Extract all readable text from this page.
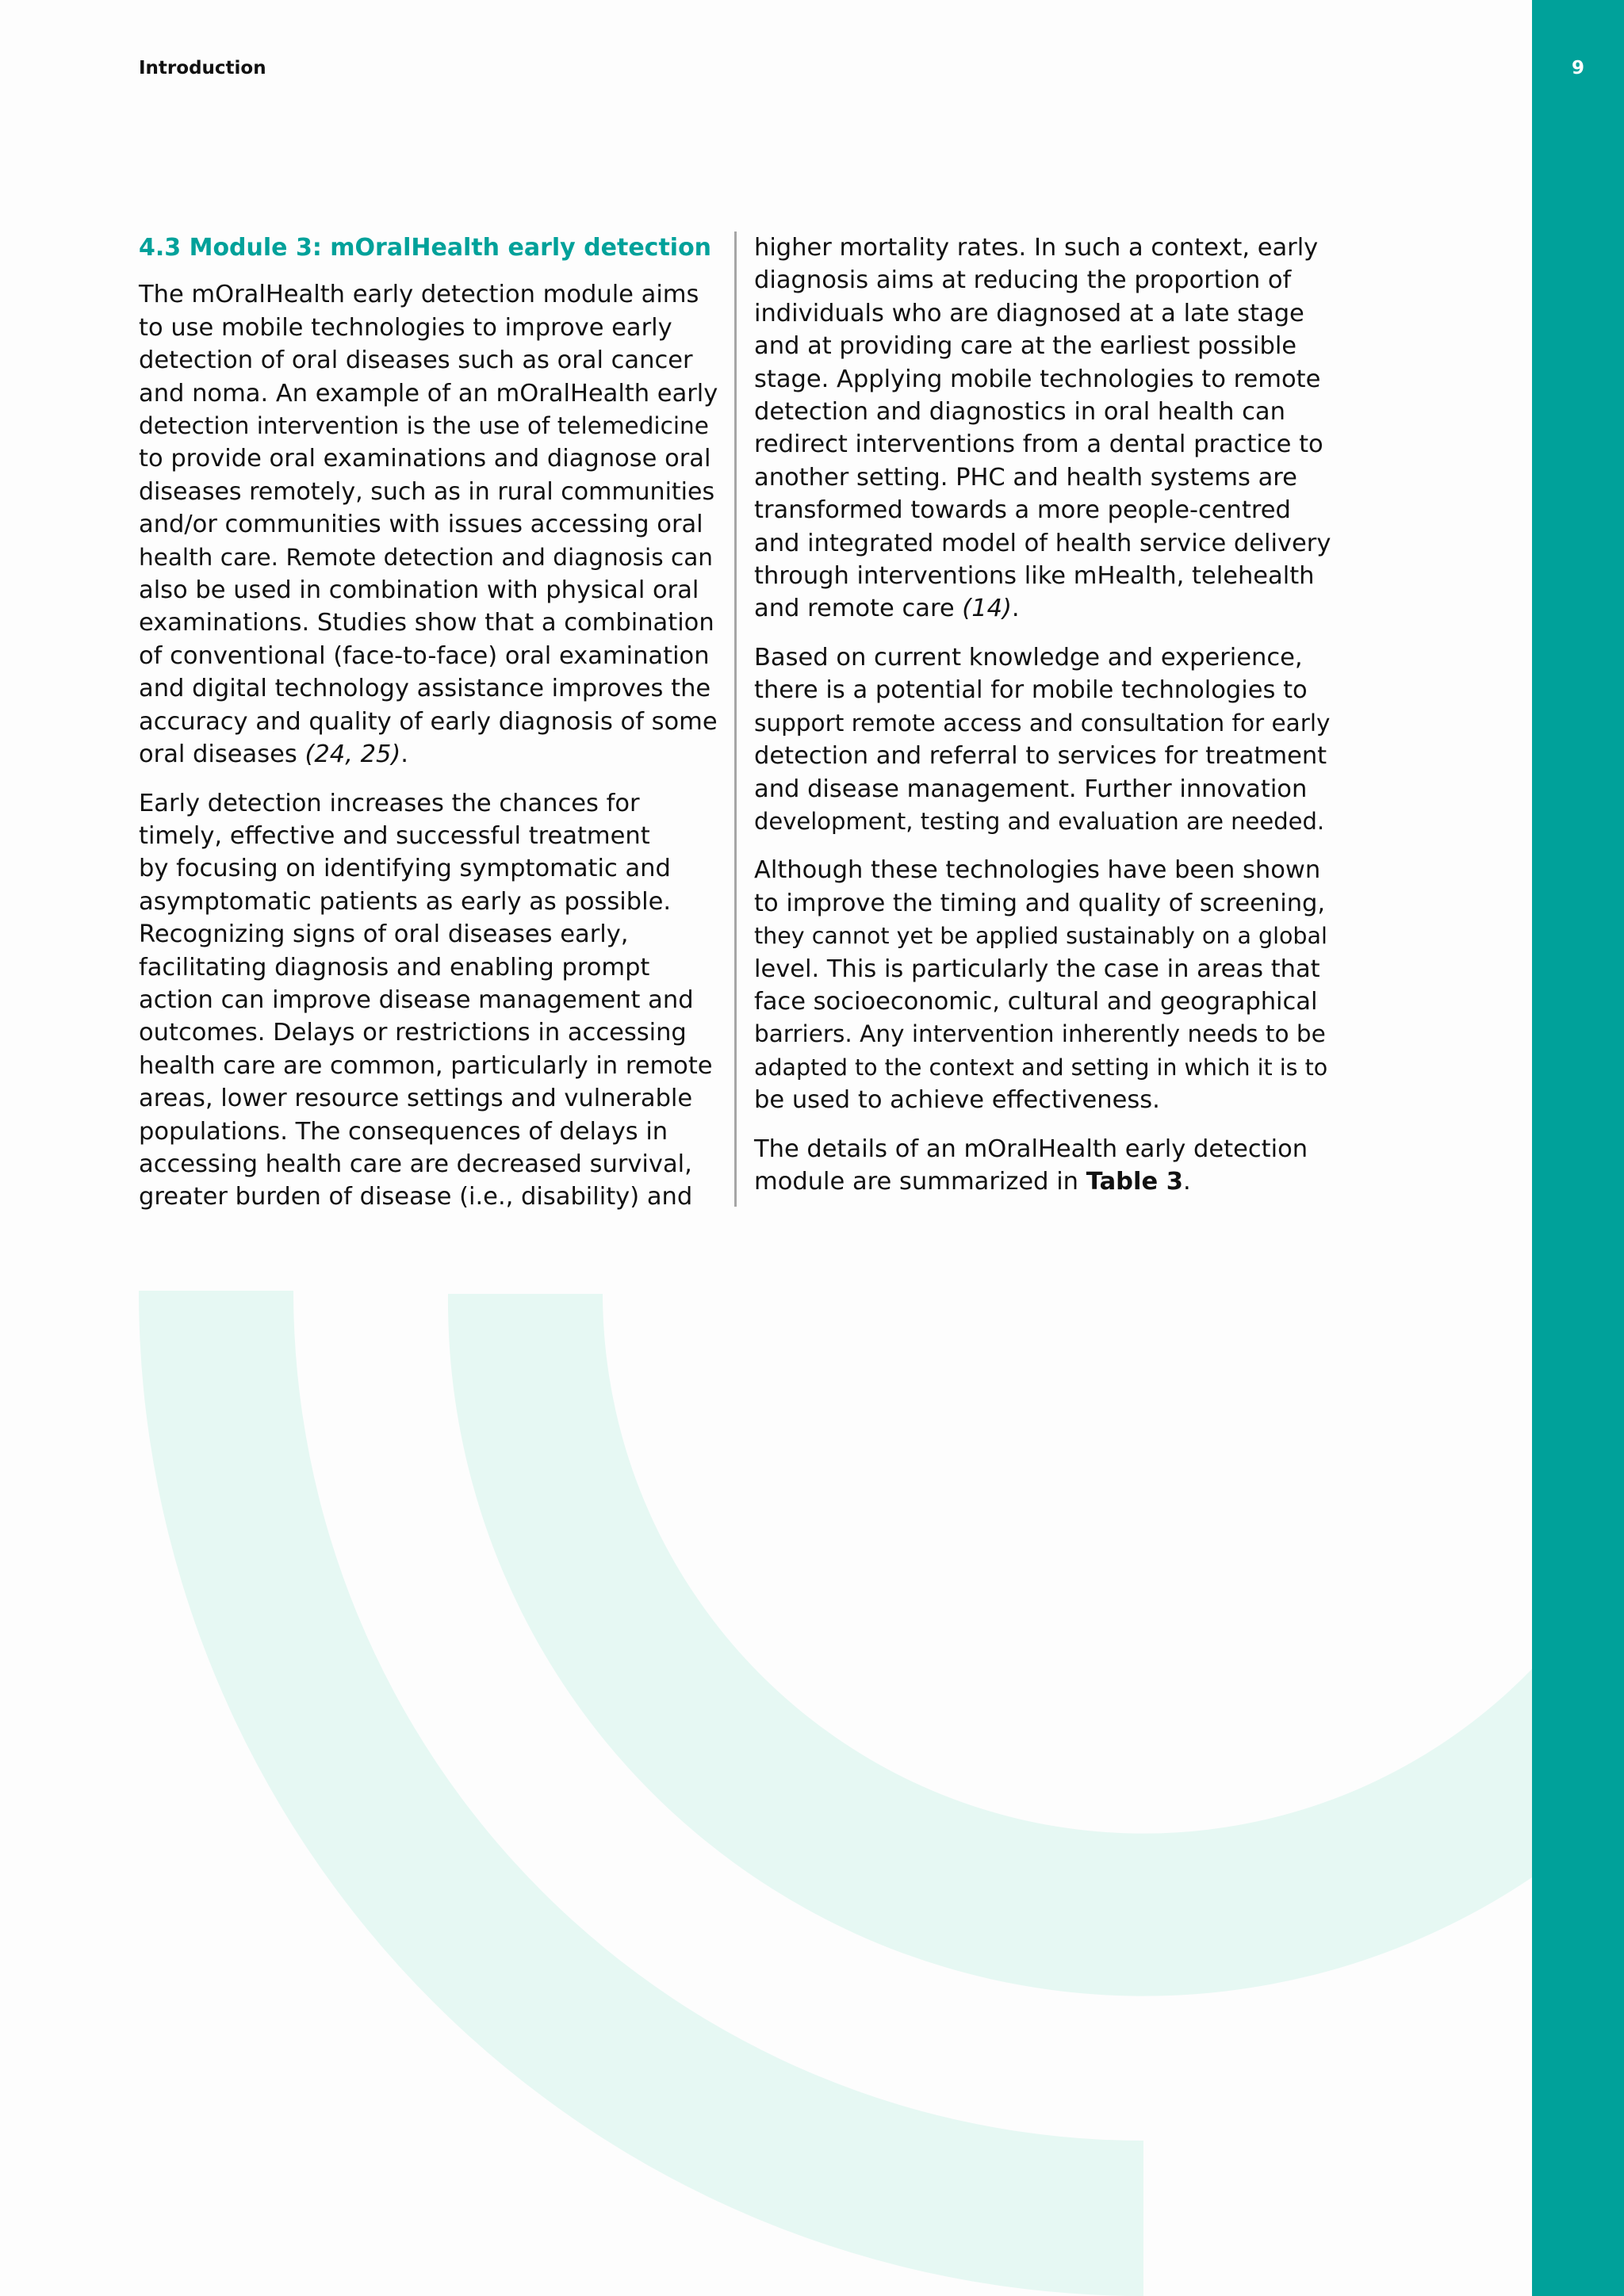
9
Introduction
4.3 Module 3: mOralHealth early detection

The mOralHealth early detection module aims
to use mobile technologies to improve early
detection of oral diseases such as oral cancer
and noma. An example of an mOralHealth early
detection intervention is the use of telemedicine
to provide oral examinations and diagnose oral
diseases remotely, such as in rural communities
and/or communities with issues accessing oral
health care. Remote detection and diagnosis can
also be used in combination with physical oral
examinations. Studies show that a combination
of conventional (face-to-face) oral examination
and digital technology assistance improves the
accuracy and quality of early diagnosis of some
oral diseases (24, 25).

Early detection increases the chances for
timely, effective and successful treatment
by focusing on identifying symptomatic and
asymptomatic patients as early as possible.
Recognizing signs of oral diseases early,
facilitating diagnosis and enabling prompt
action can improve disease management and
outcomes. Delays or restrictions in accessing
health care are common, particularly in remote
areas, lower resource settings and vulnerable
populations. The consequences of delays in
accessing health care are decreased survival,
greater burden of disease (i.e., disability) and

higher mortality rates. In such a context, early
diagnosis aims at reducing the proportion of
individuals who are diagnosed at a late stage
and at providing care at the earliest possible
stage. Applying mobile technologies to remote
detection and diagnostics in oral health can
redirect interventions from a dental practice to
another setting. PHC and health systems are
transformed towards a more people-centred
and integrated model of health service delivery
through interventions like mHealth, telehealth
and remote care (14).

Based on current knowledge and experience,
there is a potential for mobile technologies to
support remote access and consultation for early
detection and referral to services for treatment
and disease management. Further innovation
development, testing and evaluation are needed.

Although these technologies have been shown
to improve the timing and quality of screening,
they cannot yet be applied sustainably on a global
level. This is particularly the case in areas that
face socioeconomic, cultural and geographical
barriers. Any intervention inherently needs to be
adapted to the context and setting in which it is to
be used to achieve effectiveness.

The details of an mOralHealth early detection
module are summarized in Table 3.
